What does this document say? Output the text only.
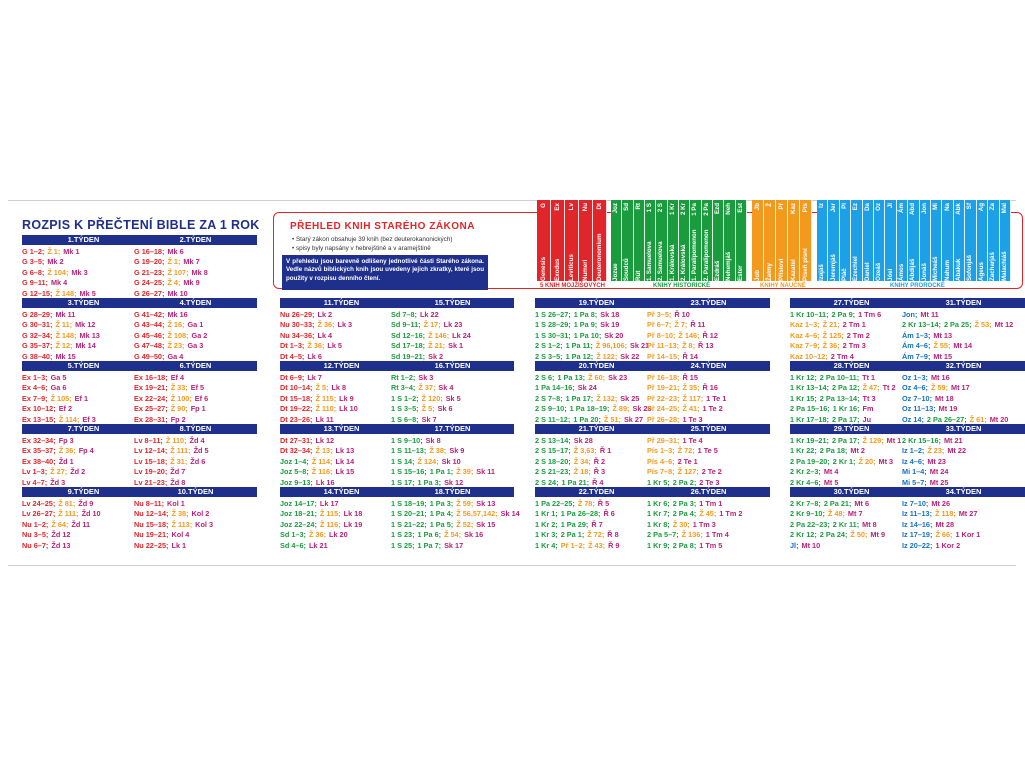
ROZPIS K PŘEČTENÍ BIBLE ZA 1 ROK	PŘEHLED KNIH STARÉHO ZÁKONA
• Starý zákon obsahuje 39 knih (bez deuterokanonických)
• spisy byly napsány v hebrejštině a v aramejštině
V přehledu jsou barevně odlišeny jednotlivé části Starého zákona. Vedle názvů biblických knih jsou uvedeny jejich zkratky, které jsou použity v rozpisu denního čtení.	Genesis
G
Exodus
Ex
Leviticus
Lv
Numeri
Nu
Deuteronomium
Dt
5 KNIH MOJŽÍŠOVÝCH
Jozue
Joz
Soudců
Sd
Rút
Rt
1. Samuelova
1 S
2. Samuelova
2 S
1. Královská
1 Kr
2. Královská
2 Kr
1. Paralipomenon
1 Pa
2. Paralipomenon
2 Pa
Ezdráš
Ezd
Nehemjáš
Neh
Ester
Est
KNIHY HISTORICKÉ
Job
Jb
Žalmy
Ž
Přísloví
Př
Kazatel
Kaz
Píseň písní
Pís
KNIHY NAUČNÉ
Izajáš
Iz
Jeremjáš
Jer
Pláč
Pl
Ezechiel
Ez
Daniel
Da
Ozeáš
Oz
Jóel
Jl
Ámos
Ám
Abdijáš
Abd
Jonáš
Jon
Micheáš
Mi
Nahum
Na
Abakuk
Abk
Sofonjáš
Sf
Ageus
Ag
Zacharjáš
Za
Malachiáš
Mal
KNIHY PROROCKÉ
1.TÝDEN
G 1–2; Ž 1; Mk 1
G 3–5; Mk 2
G 6–8; Ž 104; Mk 3
G 9–11; Mk 4
G 12–15; Ž 148; Mk 5
2.TÝDEN
G 16–18; Mk 6
G 19–20; Ž 1; Mk 7
G 21–23; Ž 107; Mk 8
G 24–25; Ž 4; Mk 9
G 26–27; Mk 10
3.TÝDEN
G 28–29; Mk 11
G 30–31; Ž 11; Mk 12
G 32–34; Ž 148; Mk 13
G 35–37; Ž 12; Mk 14
G 38–40; Mk 15
4.TÝDEN
G 41–42; Mk 16
G 43–44; Ž 16; Ga 1
G 45–46; Ž 108; Ga 2
G 47–48; Ž 23; Ga 3
G 49–50; Ga 4
5.TÝDEN
Ex 1–3; Ga 5
Ex 4–6; Ga 6
Ex 7–9; Ž 105; Ef 1
Ex 10–12; Ef 2
Ex 13–15; Ž 114; Ef 3
6.TÝDEN
Ex 16–18; Ef 4
Ex 19–21; Ž 33; Ef 5
Ex 22–24; Ž 100; Ef 6
Ex 25–27; Ž 90; Fp 1
Ex 28–31; Fp 2
7.TÝDEN
Ex 32–34; Fp 3
Ex 35–37; Ž 36; Fp 4
Ex 38–40; Žd 1
Lv 1–3; Ž 27; Žd 2
Lv 4–7; Žd 3
8.TÝDEN
Lv 8–11; Ž 110; Žd 4
Lv 12–14; Ž 111; Žd 5
Lv 15–18; Ž 31; Žd 6
Lv 19–20; Žd 7
Lv 21–23; Žd 8
9.TÝDEN
Lv 24–25; Ž 81; Žd 9
Lv 26–27; Ž 111; Žd 10
Nu 1–2; Ž 64; Žd 11
Nu 3–5; Žd 12
Nu 6–7; Žd 13
10.TÝDEN
Nu 8–11; Kol 1
Nu 12–14; Ž 38; Kol 2
Nu 15–18; Ž 113; Kol 3
Nu 19–21; Kol 4
Nu 22–25; Lk 1
11.TÝDEN
Nu 26–29; Lk 2
Nu 30–33; Ž 36; Lk 3
Nu 34–36; Lk 4
Dt 1–3; Ž 36; Lk 5
Dt 4–5; Lk 6
12.TÝDEN
Dt 6–9; Lk 7
Dt 10–14; Ž 5; Lk 8
Dt 15–18; Ž 115; Lk 9
Dt 19–22; Ž 110; Lk 10
Dt 23–26; Lk 11
13.TÝDEN
Dt 27–31; Lk 12
Dt 32–34; Ž 13; Lk 13
Joz 1–4; Ž 114; Lk 14
Joz 5–8; Ž 116; Lk 15
Joz 9–13; Lk 16
14.TÝDEN
Joz 14–17; Lk 17
Joz 18–21; Ž 115; Lk 18
Joz 22–24; Ž 116; Lk 19
Sd 1–3; Ž 36; Lk 20
Sd 4–6; Lk 21
15.TÝDEN
Sd 7–8; Lk 22
Sd 9–11; Ž 17; Lk 23
Sd 12–16; Ž 146; Lk 24
Sd 17–18; Ž 21; Sk 1
Sd 19–21; Sk 2
16.TÝDEN
Rt 1–2; Sk 3
Rt 3–4; Ž 37; Sk 4
1 S 1–2; Ž 120; Sk 5
1 S 3–5; Ž 5; Sk 6
1 S 6–8; Sk 7
17.TÝDEN
1 S 9–10; Sk 8
1 S 11–13; Ž 38; Sk 9
1 S 14; Ž 124; Sk 10
1 S 15–16; 1 Pa 1; Ž 39; Sk 11
1 S 17; 1 Pa 3; Sk 12
18.TÝDEN
1 S 18–19; 1 Pa 3; Ž 59; Sk 13
1 S 20–21; 1 Pa 4; Ž 56,57,142; Sk 14
1 S 21–22; 1 Pa 5; Ž 52; Sk 15
1 S 23; 1 Pa 6; Ž 54; Sk 16
1 S 25; 1 Pa 7; Sk 17
19.TÝDEN
1 S 26–27; 1 Pa 8; Sk 18
1 S 28–29; 1 Pa 9; Sk 19
1 S 30–31; 1 Pa 10; Sk 20
2 S 1–2; 1 Pa 11; Ž 96,106; Sk 21
2 S 3–5; 1 Pa 12; Ž 122; Sk 22
20.TÝDEN
2 S 6; 1 Pa 13; Ž 60; Sk 23
1 Pa 14–16; Sk 24
2 S 7–8; 1 Pa 17; Ž 132; Sk 25
2 S 9–10; 1 Pa 18–19; Ž 89; Sk 26
2 S 11–12; 1 Pa 20; Ž 51; Sk 27
21.TÝDEN
2 S 13–14; Sk 28
2 S 15–17; Ž 3,63; Ř 1
2 S 18–20; Ž 34; Ř 2
2 S 21–23; Ž 18; Ř 3
2 S 24; 1 Pa 21; Ř 4
22.TÝDEN
1 Pa 22–25; Ž 78; Ř 5
1 Kr 1; 1 Pa 26–28; Ř 6
1 Kr 2; 1 Pa 29; Ř 7
1 Kr 3; 2 Pa 1; Ž 72; Ř 8
1 Kr 4; Př 1–2; Ž 43; Ř 9
23.TÝDEN
Př 3–5; Ř 10
Př 6–7; Ž 7; Ř 11
Př 8–10; Ž 146; Ř 12
Př 11–13; Ž 8; Ř 13
Př 14–15; Ř 14
24.TÝDEN
Př 16–18; Ř 15
Př 19–21; Ž 35; Ř 16
Př 22–23; Ž 117; 1 Te 1
Př 24–25; Ž 41; 1 Te 2
Př 26–28; 1 Te 3
25.TÝDEN
Př 29–31; 1 Te 4
Pís 1–3; Ž 72; 1 Te 5
Pís 4–6; 2 Te 1
Pís 7–8; Ž 127; 2 Te 2
1 Kr 5; 2 Pa 2; 2 Te 3
26.TÝDEN
1 Kr 6; 2 Pa 3; 1 Tm 1
1 Kr 7; 2 Pa 4; Ž 45; 1 Tm 2
1 Kr 8; Ž 30; 1 Tm 3
2 Pa 5–7; Ž 136; 1 Tm 4
1 Kr 9; 2 Pa 8; 1 Tm 5
27.TÝDEN
1 Kr 10–11; 2 Pa 9; 1 Tm 6
Kaz 1–3; Ž 21; 2 Tm 1
Kaz 4–6; Ž 125; 2 Tm 2
Kaz 7–9; Ž 36; 2 Tm 3
Kaz 10–12; 2 Tm 4
28.TÝDEN
1 Kr 12; 2 Pa 10–11; Tt 1
1 Kr 13–14; 2 Pa 12; Ž 47; Tt 2
1 Kr 15; 2 Pa 13–14; Tt 3
2 Pa 15–16; 1 Kr 16; Fm
1 Kr 17–18; 2 Pa 17; Ju
29.TÝDEN
1 Kr 19–21; 2 Pa 17; Ž 129; Mt 1
1 Kr 22; 2 Pa 18; Mt 2
2 Pa 19–20; 2 Kr 1; Ž 20; Mt 3
2 Kr 2–3; Mt 4
2 Kr 4–6; Mt 5
30.TÝDEN
2 Kr 7–8; 2 Pa 21; Mt 6
2 Kr 9–10; Ž 48; Mt 7
2 Pa 22–23; 2 Kr 11; Mt 8
2 Kr 12; 2 Pa 24; Ž 50; Mt 9
Jl; Mt 10
31.TÝDEN
Jon; Mt 11
2 Kr 13–14; 2 Pa 25; Ž 53; Mt 12
Ám 1–3; Mt 13
Ám 4–6; Ž 55; Mt 14
Ám 7–9; Mt 15
32.TÝDEN
Oz 1–3; Mt 16
Oz 4–6; Ž 59; Mt 17
Oz 7–10; Mt 18
Oz 11–13; Mt 19
Oz 14; 2 Pa 26–27; Ž 61; Mt 20
33.TÝDEN
2 Kr 15–16; Mt 21
Iz 1–2; Ž 23; Mt 22
Iz 4–6; Mt 23
Mi 1–4; Mt 24
Mi 5–7; Mt 25
34.TÝDEN
Iz 7–10; Mt 26
Iz 11–13; Ž 118; Mt 27
Iz 14–16; Mt 28
Iz 17–19; Ž 66; 1 Kor 1
Iz 20–22; 1 Kor 2
